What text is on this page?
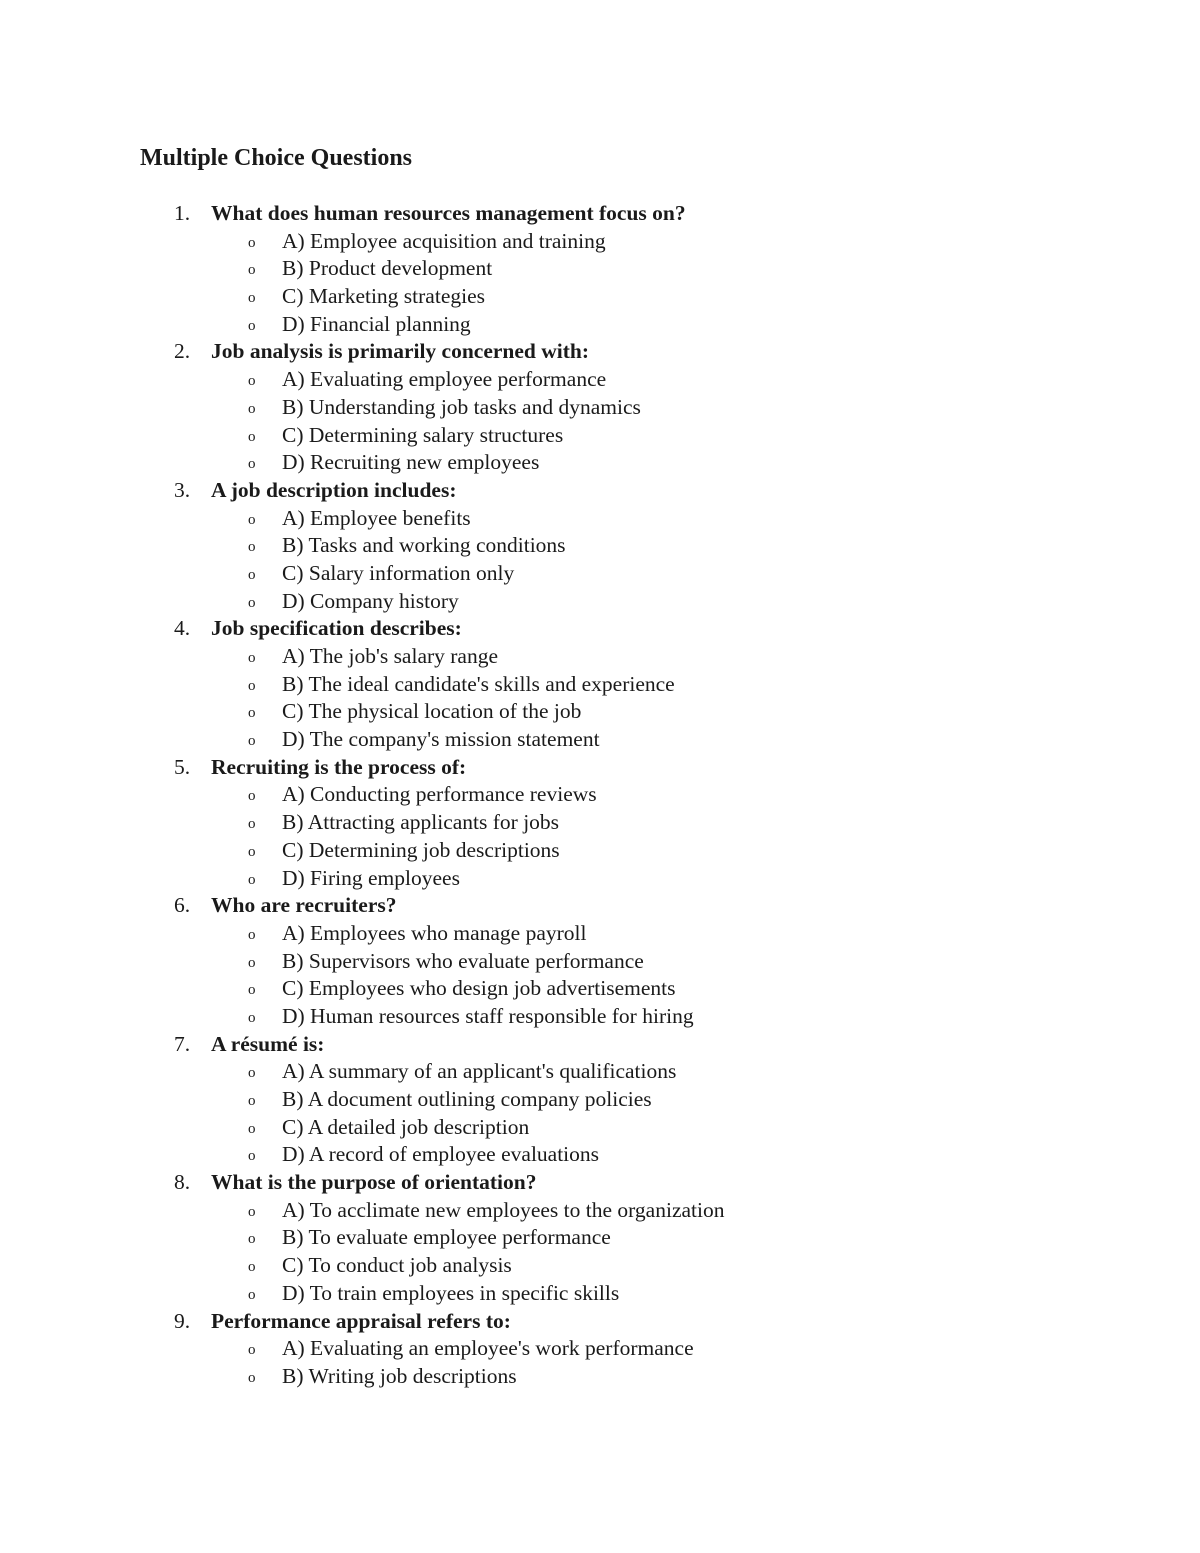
Multiple Choice Questions
1. What does human resources management focus on?
o A) Employee acquisition and training
o B) Product development
o C) Marketing strategies
o D) Financial planning
2. Job analysis is primarily concerned with:
o A) Evaluating employee performance
o B) Understanding job tasks and dynamics
o C) Determining salary structures
o D) Recruiting new employees
3. A job description includes:
o A) Employee benefits
o B) Tasks and working conditions
o C) Salary information only
o D) Company history
4. Job specification describes:
o A) The job's salary range
o B) The ideal candidate's skills and experience
o C) The physical location of the job
o D) The company's mission statement
5. Recruiting is the process of:
o A) Conducting performance reviews
o B) Attracting applicants for jobs
o C) Determining job descriptions
o D) Firing employees
6. Who are recruiters?
o A) Employees who manage payroll
o B) Supervisors who evaluate performance
o C) Employees who design job advertisements
o D) Human resources staff responsible for hiring
7. A résumé is:
o A) A summary of an applicant's qualifications
o B) A document outlining company policies
o C) A detailed job description
o D) A record of employee evaluations
8. What is the purpose of orientation?
o A) To acclimate new employees to the organization
o B) To evaluate employee performance
o C) To conduct job analysis
o D) To train employees in specific skills
9. Performance appraisal refers to:
o A) Evaluating an employee's work performance
o B) Writing job descriptions
